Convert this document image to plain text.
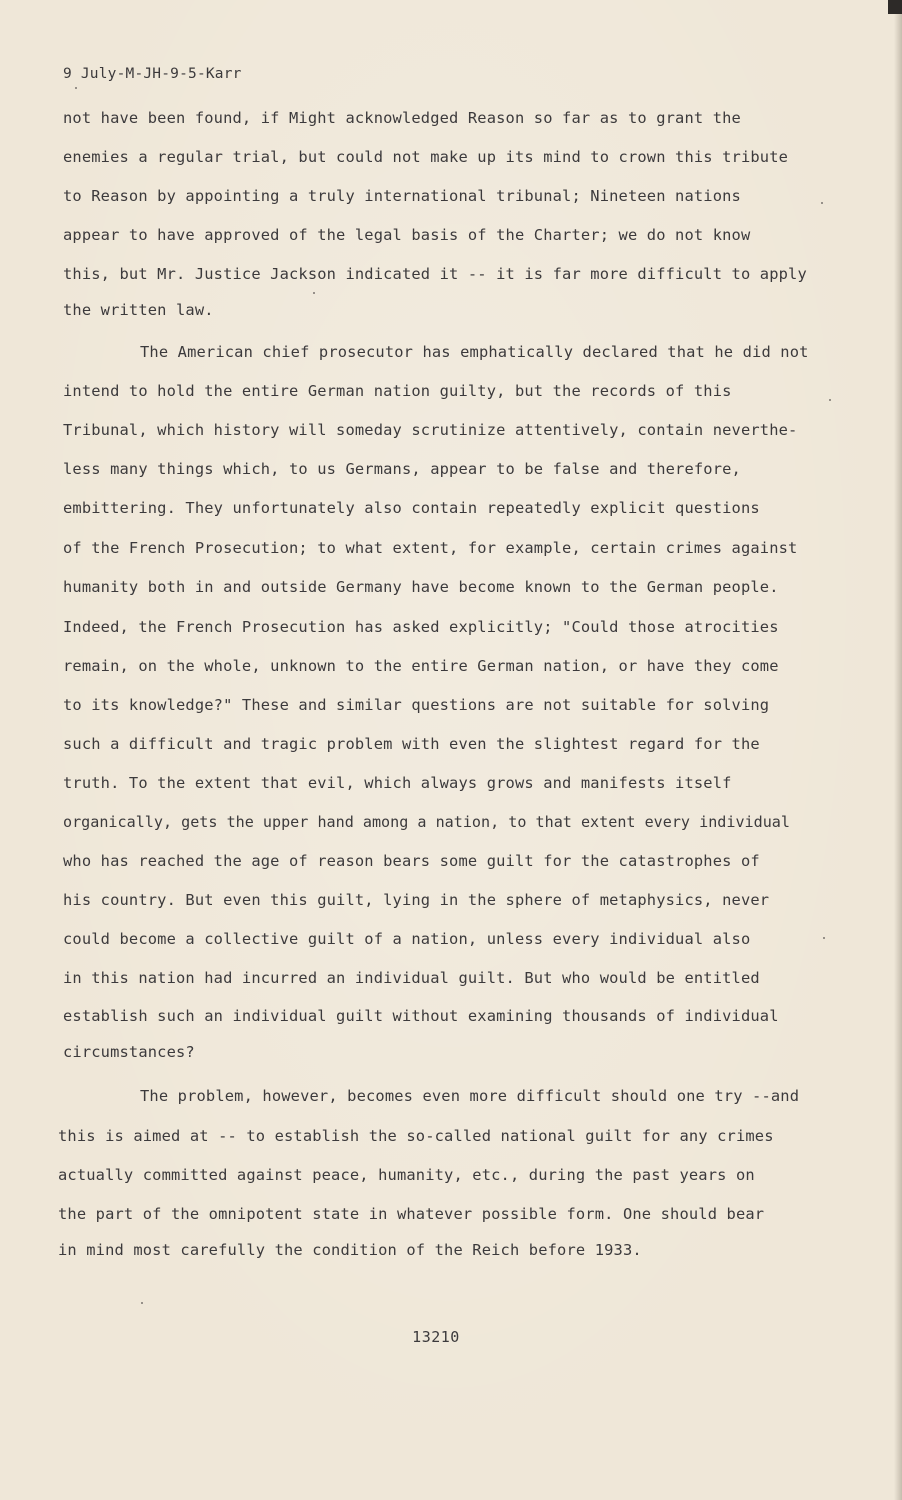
9 July-M-JH-9-5-Karr
not have been found, if Might acknowledged Reason so far as to grant the
enemies a regular trial, but could not make up its mind to crown this tribute
to Reason by appointing a truly international tribunal; Nineteen nations
appear to have approved of the legal basis of the Charter; we do not know
this, but Mr. Justice Jackson indicated it -- it is far more difficult to apply
the written law.
The American chief prosecutor has emphatically declared that he did not
intend to hold the entire German nation guilty, but the records of this
Tribunal, which history will someday scrutinize attentively, contain neverthe-
less many things which, to us Germans, appear to be false and therefore,
embittering. They unfortunately also contain repeatedly explicit questions
of the French Prosecution; to what extent, for example, certain crimes against
humanity both in and outside Germany have become known to the German people.
Indeed, the French Prosecution has asked explicitly; "Could those atrocities
remain, on the whole, unknown to the entire German nation, or have they come
to its knowledge?" These and similar questions are not suitable for solving
such a difficult and tragic problem with even the slightest regard for the
truth. To the extent that evil, which always grows and manifests itself
organically, gets the upper hand among a nation, to that extent every individual
who has reached the age of reason bears some guilt for the catastrophes of
his country. But even this guilt, lying in the sphere of metaphysics, never
could become a collective guilt of a nation, unless every individual also
in this nation had incurred an individual guilt. But who would be entitled
establish such an individual guilt without examining thousands of individual
circumstances?
The problem, however, becomes even more difficult should one try --and
this is aimed at -- to establish the so-called national guilt for any crimes
actually committed against peace, humanity, etc., during the past years on
the part of the omnipotent state in whatever possible form. One should bear
in mind most carefully the condition of the Reich before 1933.
13210
